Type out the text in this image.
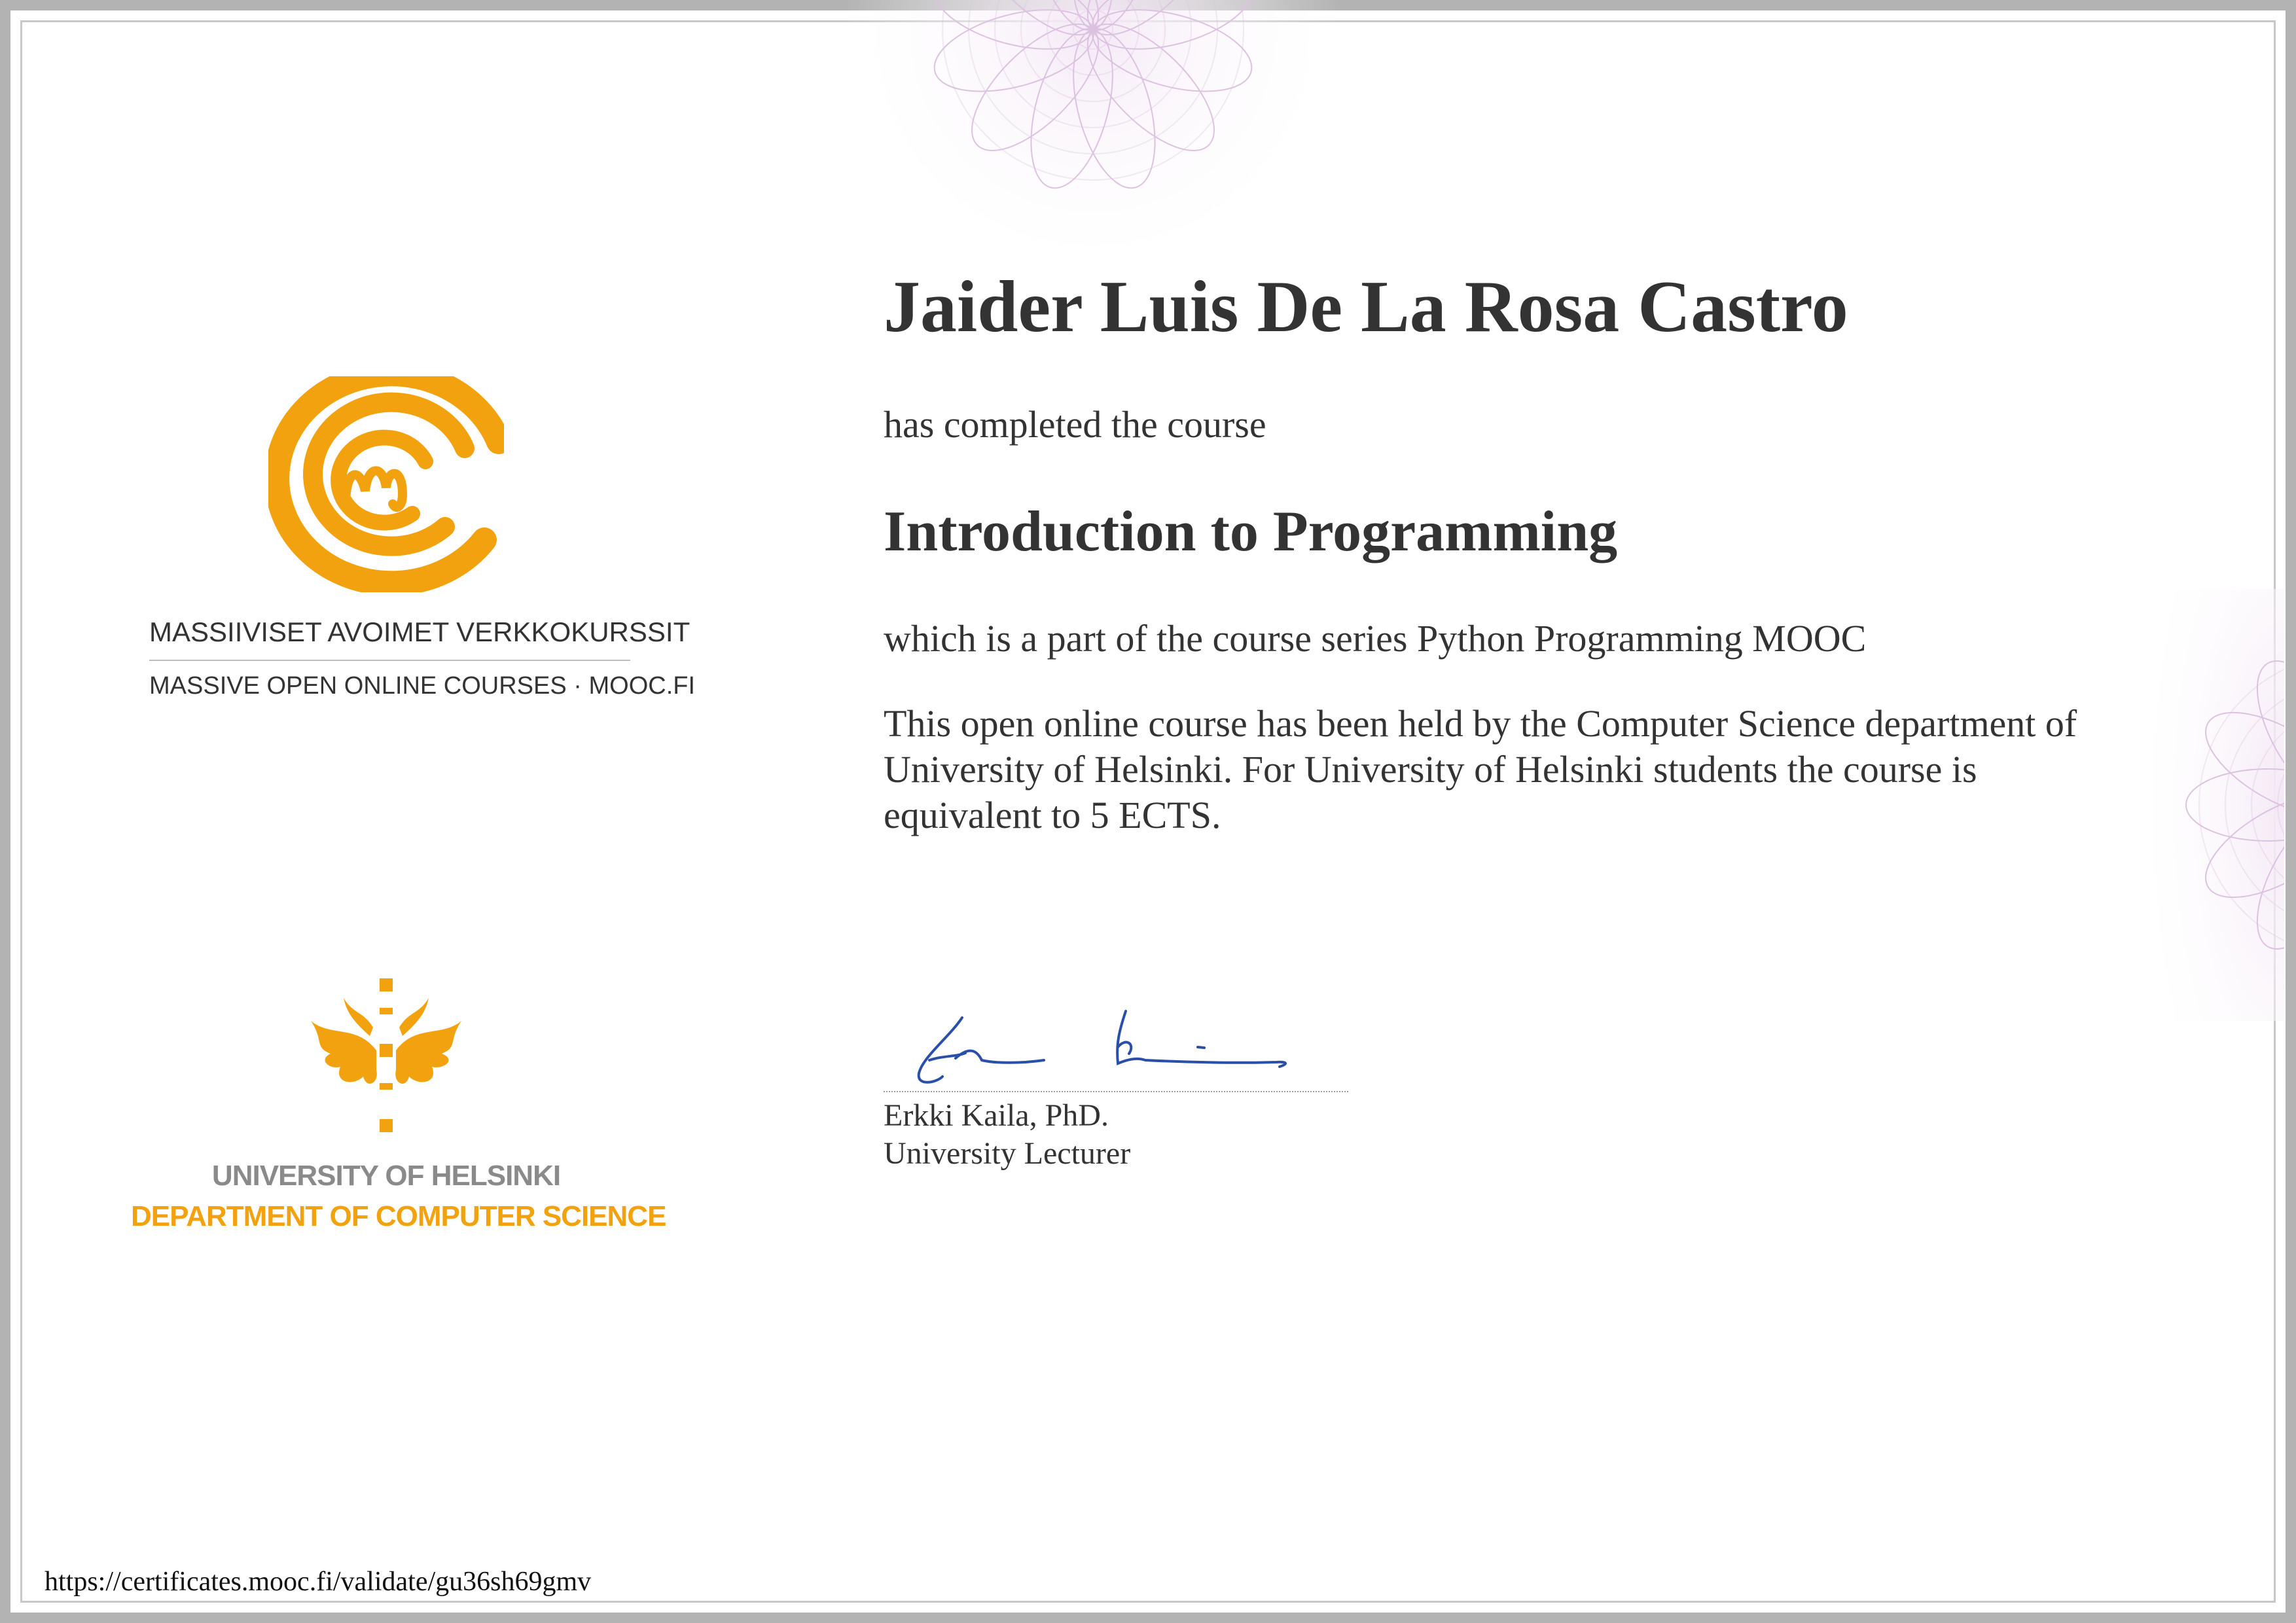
MASSIIVISET AVOIMET VERKKOKURSSIT
MASSIVE OPEN ONLINE COURSES · MOOC.FI
UNIVERSITY OF HELSINKI
DEPARTMENT OF COMPUTER SCIENCE
Jaider Luis De La Rosa Castro
has completed the course
Introduction to Programming
which is a part of the course series Python Programming MOOC
This open online course has been held by the Computer Science department of University of Helsinki. For University of Helsinki students the course is equivalent to 5 ECTS.
Erkki Kaila, PhD.
University Lecturer
https://certificates.mooc.fi/validate/gu36sh69gmv
